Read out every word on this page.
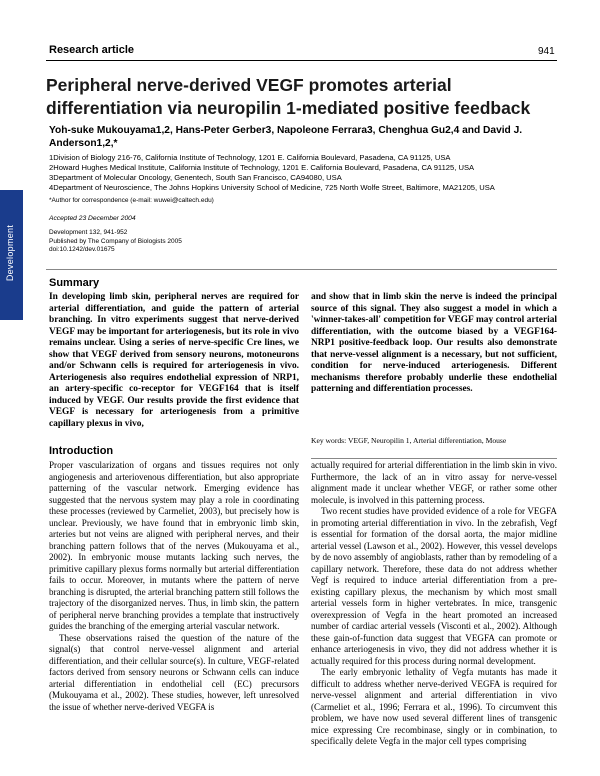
Development
Research article	941
Peripheral nerve-derived VEGF promotes arterial differentiation via neuropilin 1-mediated positive feedback
Yoh-suke Mukouyama1,2, Hans-Peter Gerber3, Napoleone Ferrara3, Chenghua Gu2,4 and David J. Anderson1,2,*
1Division of Biology 216-76, California Institute of Technology, 1201 E. California Boulevard, Pasadena, CA 91125, USA
2Howard Hughes Medical Institute, California Institute of Technology, 1201 E. California Boulevard, Pasadena, CA 91125, USA
3Department of Molecular Oncology, Genentech, South San Francisco, CA94080, USA
4Department of Neuroscience, The Johns Hopkins University School of Medicine, 725 North Wolfe Street, Baltimore, MA21205, USA
*Author for correspondence (e-mail: wuwei@caltech.edu)
Accepted 23 December 2004
Development 132, 941-952
Published by The Company of Biologists 2005
doi:10.1242/dev.01675
Summary
In developing limb skin, peripheral nerves are required for arterial differentiation, and guide the pattern of arterial branching. In vitro experiments suggest that nerve-derived VEGF may be important for arteriogenesis, but its role in vivo remains unclear. Using a series of nerve-specific Cre lines, we show that VEGF derived from sensory neurons, motoneurons and/or Schwann cells is required for arteriogenesis in vivo. Arteriogenesis also requires endothelial expression of NRP1, an artery-specific co-receptor for VEGF164 that is itself induced by VEGF. Our results provide the first evidence that VEGF is necessary for arteriogenesis from a primitive capillary plexus in vivo,
and show that in limb skin the nerve is indeed the principal source of this signal. They also suggest a model in which a 'winner-takes-all' competition for VEGF may control arterial differentiation, with the outcome biased by a VEGF164-NRP1 positive-feedback loop. Our results also demonstrate that nerve-vessel alignment is a necessary, but not sufficient, condition for nerve-induced arteriogenesis. Different mechanisms therefore probably underlie these endothelial patterning and differentiation processes.
Key words: VEGF, Neuropilin 1, Arterial differentiation, Mouse
Introduction

Proper vascularization of organs and tissues requires not only angiogenesis and arteriovenous differentiation, but also appropriate patterning of the vascular network. Emerging evidence has suggested that the nervous system may play a role in coordinating these processes (reviewed by Carmeliet, 2003), but precisely how is unclear. Previously, we have found that in embryonic limb skin, arteries but not veins are aligned with peripheral nerves, and their branching pattern follows that of the nerves (Mukouyama et al., 2002). In embryonic mouse mutants lacking such nerves, the primitive capillary plexus forms normally but arterial differentiation fails to occur. Moreover, in mutants where the pattern of nerve branching is disrupted, the arterial branching pattern still follows the trajectory of the disorganized nerves. Thus, in limb skin, the pattern of peripheral nerve branching provides a template that instructively guides the branching of the emerging arterial vascular network.

These observations raised the question of the nature of the signal(s) that control nerve-vessel alignment and arterial differentiation, and their cellular source(s). In culture, VEGF-related factors derived from sensory neurons or Schwann cells can induce arterial differentiation in endothelial cell (EC) precursors (Mukouyama et al., 2002). These studies, however, left unresolved the issue of whether nerve-derived VEGFA is

actually required for arterial differentiation in the limb skin in vivo. Furthermore, the lack of an in vitro assay for nerve-vessel alignment made it unclear whether VEGF, or rather some other molecule, is involved in this patterning process.

Two recent studies have provided evidence of a role for VEGFA in promoting arterial differentiation in vivo. In the zebrafish, Vegf is essential for formation of the dorsal aorta, the major midline arterial vessel (Lawson et al., 2002). However, this vessel develops by de novo assembly of angioblasts, rather than by remodeling of a capillary network. Therefore, these data do not address whether Vegf is required to induce arterial differentiation from a pre-existing capillary plexus, the mechanism by which most small arterial vessels form in higher vertebrates. In mice, transgenic overexpression of Vegfa in the heart promoted an increased number of cardiac arterial vessels (Visconti et al., 2002). Although these gain-of-function data suggest that VEGFA can promote or enhance arteriogenesis in vivo, they did not address whether it is actually required for this process during normal development.

The early embryonic lethality of Vegfa mutants has made it difficult to address whether nerve-derived VEGFA is required for nerve-vessel alignment and arterial differentiation in vivo (Carmeliet et al., 1996; Ferrara et al., 1996). To circumvent this problem, we have now used several different lines of transgenic mice expressing Cre recombinase, singly or in combination, to specifically delete Vegfa in the major cell types comprising
